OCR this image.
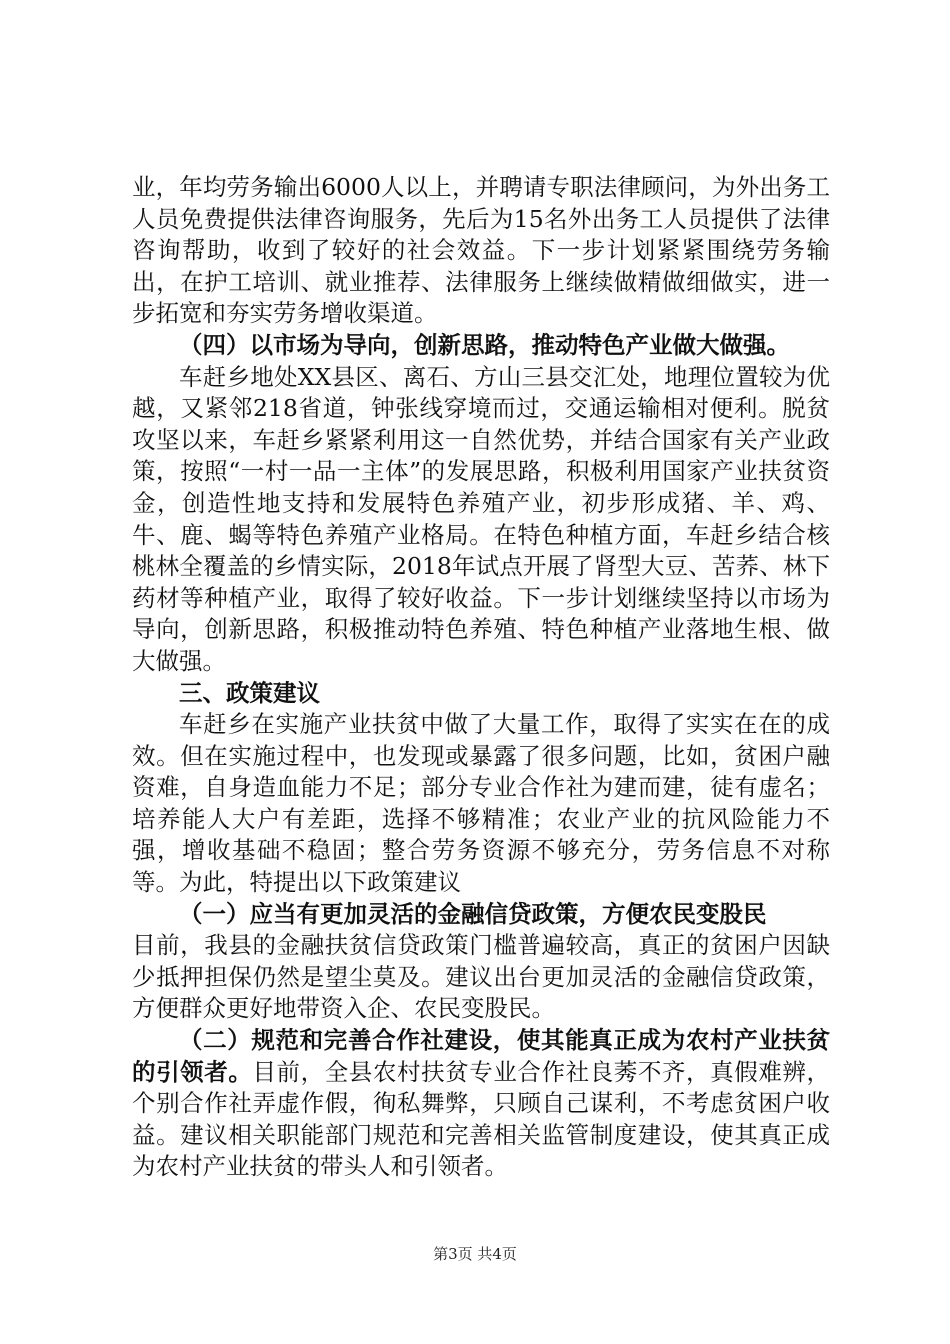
业，年均劳务输出6000人以上，并聘请专职法律顾问，为外出务工人员免费提供法律咨询服务，先后为15名外出务工人员提供了法律咨询帮助，收到了较好的社会效益。下一步计划紧紧围绕劳务输出，在护工培训、就业推荐、法律服务上继续做精做细做实，进一步拓宽和夯实劳务增收渠道。

（四）以市场为导向，创新思路，推动特色产业做大做强。

车赶乡地处XX县区、离石、方山三县交汇处，地理位置较为优越，又紧邻218省道，钟张线穿境而过，交通运输相对便利。脱贫攻坚以来，车赶乡紧紧利用这一自然优势，并结合国家有关产业政策，按照“一村一品一主体”的发展思路，积极利用国家产业扶贫资金，创造性地支持和发展特色养殖产业，初步形成猪、羊、鸡、牛、鹿、蝎等特色养殖产业格局。在特色种植方面，车赶乡结合核桃林全覆盖的乡情实际，2018年试点开展了肾型大豆、苦荞、林下药材等种植产业，取得了较好收益。下一步计划继续坚持以市场为导向，创新思路，积极推动特色养殖、特色种植产业落地生根、做大做强。

三、政策建议

车赶乡在实施产业扶贫中做了大量工作，取得了实实在在的成效。但在实施过程中，也发现或暴露了很多问题，比如，贫困户融资难，自身造血能力不足；部分专业合作社为建而建，徒有虚名；培养能人大户有差距，选择不够精准；农业产业的抗风险能力不强，增收基础不稳固；整合劳务资源不够充分，劳务信息不对称等。为此，特提出以下政策建议

（一）应当有更加灵活的金融信贷政策，方便农民变股民

目前，我县的金融扶贫信贷政策门槛普遍较高，真正的贫困户因缺少抵押担保仍然是望尘莫及。建议出台更加灵活的金融信贷政策，方便群众更好地带资入企、农民变股民。

（二）规范和完善合作社建设，使其能真正成为农村产业扶贫的引领者。目前，全县农村扶贫专业合作社良莠不齐，真假难辨，个别合作社弄虚作假，徇私舞弊，只顾自己谋利，不考虑贫困户收益。建议相关职能部门规范和完善相关监管制度建设，使其真正成为农村产业扶贫的带头人和引领者。

第3页 共4页
